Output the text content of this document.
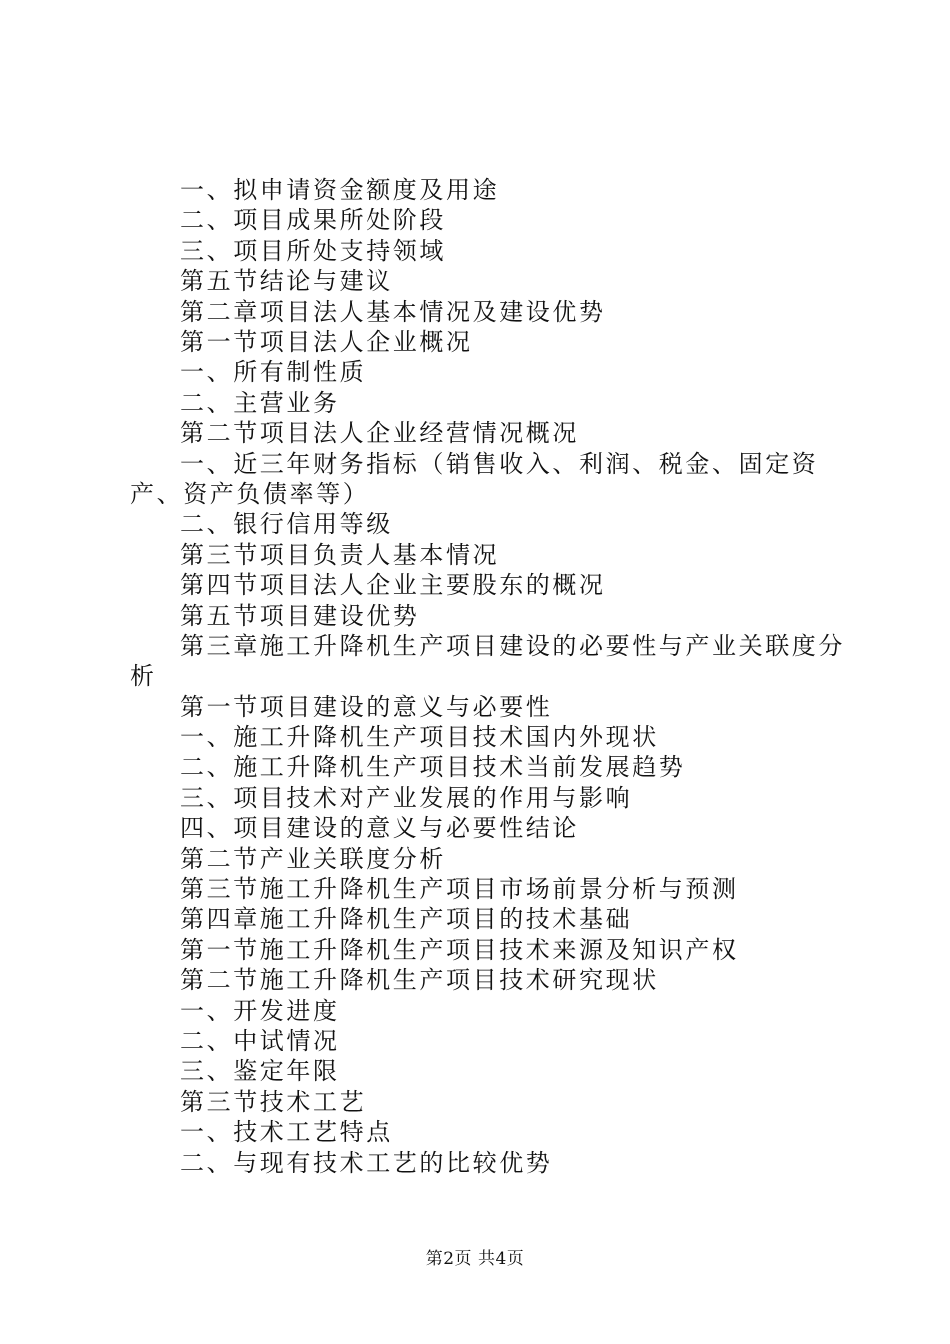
一、拟申请资金额度及用途
二、项目成果所处阶段
三、项目所处支持领域
第五节结论与建议
第二章项目法人基本情况及建设优势
第一节项目法人企业概况
一、所有制性质
二、主营业务
第二节项目法人企业经营情况概况
一、近三年财务指标（销售收入、利润、税金、固定资产、资产负债率等）
二、银行信用等级
第三节项目负责人基本情况
第四节项目法人企业主要股东的概况
第五节项目建设优势
第三章施工升降机生产项目建设的必要性与产业关联度分析
第一节项目建设的意义与必要性
一、施工升降机生产项目技术国内外现状
二、施工升降机生产项目技术当前发展趋势
三、项目技术对产业发展的作用与影响
四、项目建设的意义与必要性结论
第二节产业关联度分析
第三节施工升降机生产项目市场前景分析与预测
第四章施工升降机生产项目的技术基础
第一节施工升降机生产项目技术来源及知识产权
第二节施工升降机生产项目技术研究现状
一、开发进度
二、中试情况
三、鉴定年限
第三节技术工艺
一、技术工艺特点
二、与现有技术工艺的比较优势
第2页 共4页
